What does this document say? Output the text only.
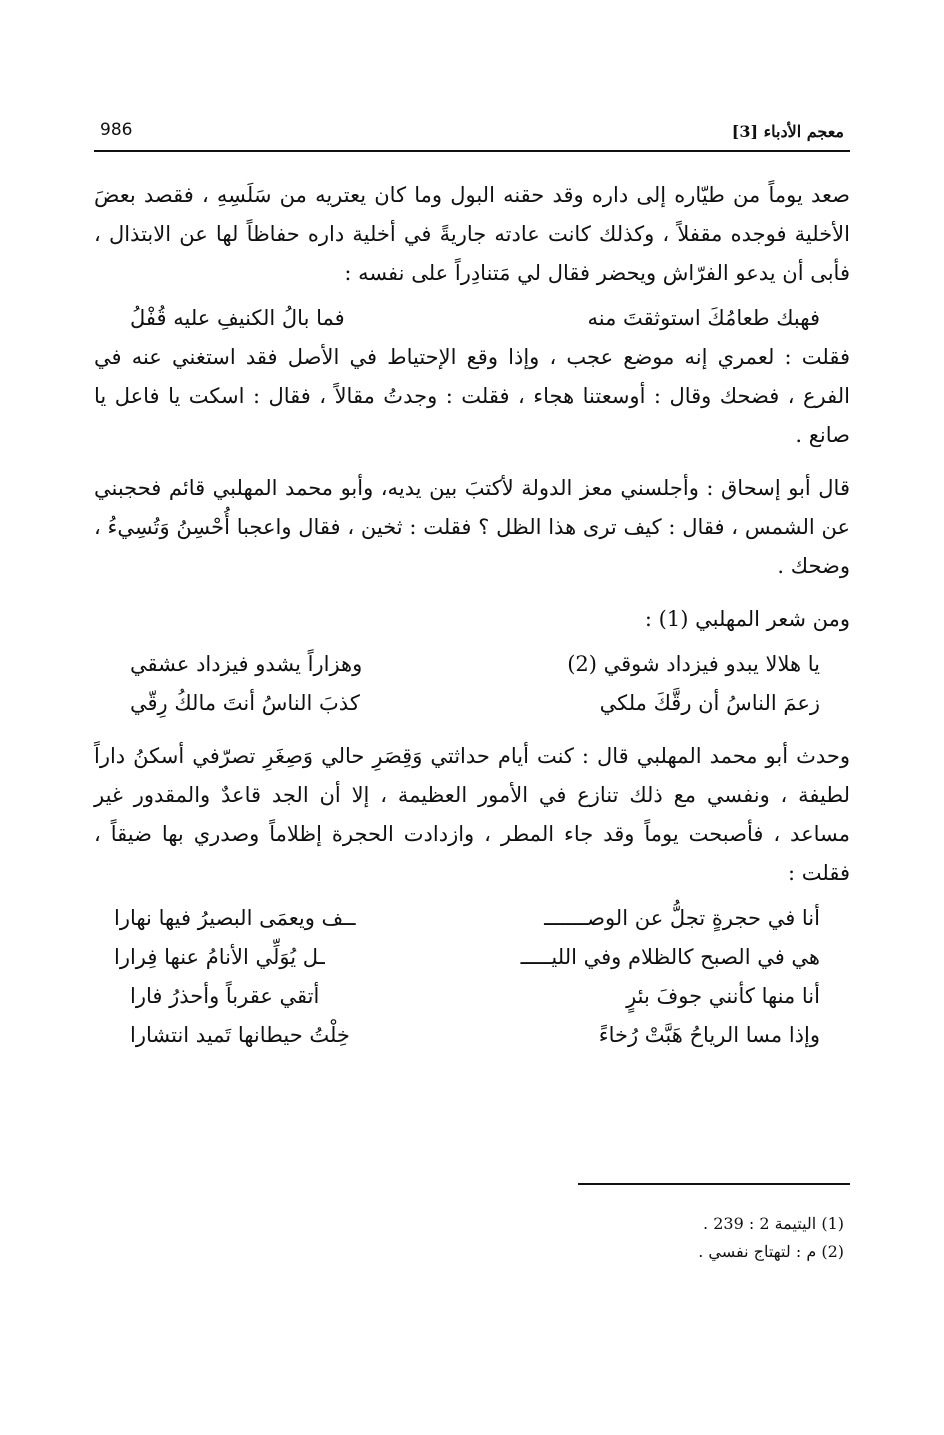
معجم الأدباء [3]
986

صعد يوماً من طيّاره إلى داره وقد حقنه البول وما كان يعتريه من سَلَسِهِ ، فقصد بعضَ الأخلية فوجده مقفلاً ، وكذلك كانت عادته جاريةً في أخلية داره حفاظاً لها عن الابتذال ، فأبى أن يدعو الفرّاش ويحضر فقال لي مَتنادِراً على نفسه :

فهبك طعامُكَ استوثقتَ منه
فما بالُ الكنيفِ عليه قُفْلُ

فقلت : لعمري إنه موضع عجب ، وإذا وقع الإحتياط في الأصل فقد استغني عنه في الفرع ، فضحك وقال : أوسعتنا هجاء ، فقلت : وجدتُ مقالاً ، فقال : اسكت يا فاعل يا صانع .

قال أبو إسحاق : وأجلسني معز الدولة لأكتبَ بين يديه، وأبو محمد المهلبي قائم فحجبني عن الشمس ، فقال : كيف ترى هذا الظل ؟ فقلت : ثخين ، فقال واعجبا أُحْسِنُ وَتُسِيءُ ، وضحك .

ومن شعر المهلبي (1) :

يا هلالا يبدو فيزداد شوقي (2)
وهزاراً يشدو فيزداد عشقي
زعمَ الناسُ أن رقَّكَ ملكي
كذبَ الناسُ أنتَ مالكُ رِقّي

وحدث أبو محمد المهلبي قال : كنت أيام حداثتي وَقِصَرِ حالي وَصِغَرِ تصرّفي أسكنُ داراً لطيفة ، ونفسي مع ذلك تنازع في الأمور العظيمة ، إلا أن الجد قاعدٌ والمقدور غير مساعد ، فأصبحت يوماً وقد جاء المطر ، وازدادت الحجرة إظلاماً وصدري بها ضيقاً ، فقلت :

أنا في حجرةٍ تجلُّ عن الوصـــــــ
ــف ويعمَى البصيرُ فيها نهارا
هي في الصبح كالظلام وفي الليـــــ
ـل يُوَلِّي الأنامُ عنها فِرارا
أنا منها كأنني جوفَ بئرٍ
أتقي عقرباً وأحذرُ فارا
وإذا مسا الرياحُ هَبَّتْ رُخاءً
خِلْتُ حيطانها تَميد انتشارا

(1) اليتيمة 2 : 239 .

(2) م : لتهتاج نفسي .
